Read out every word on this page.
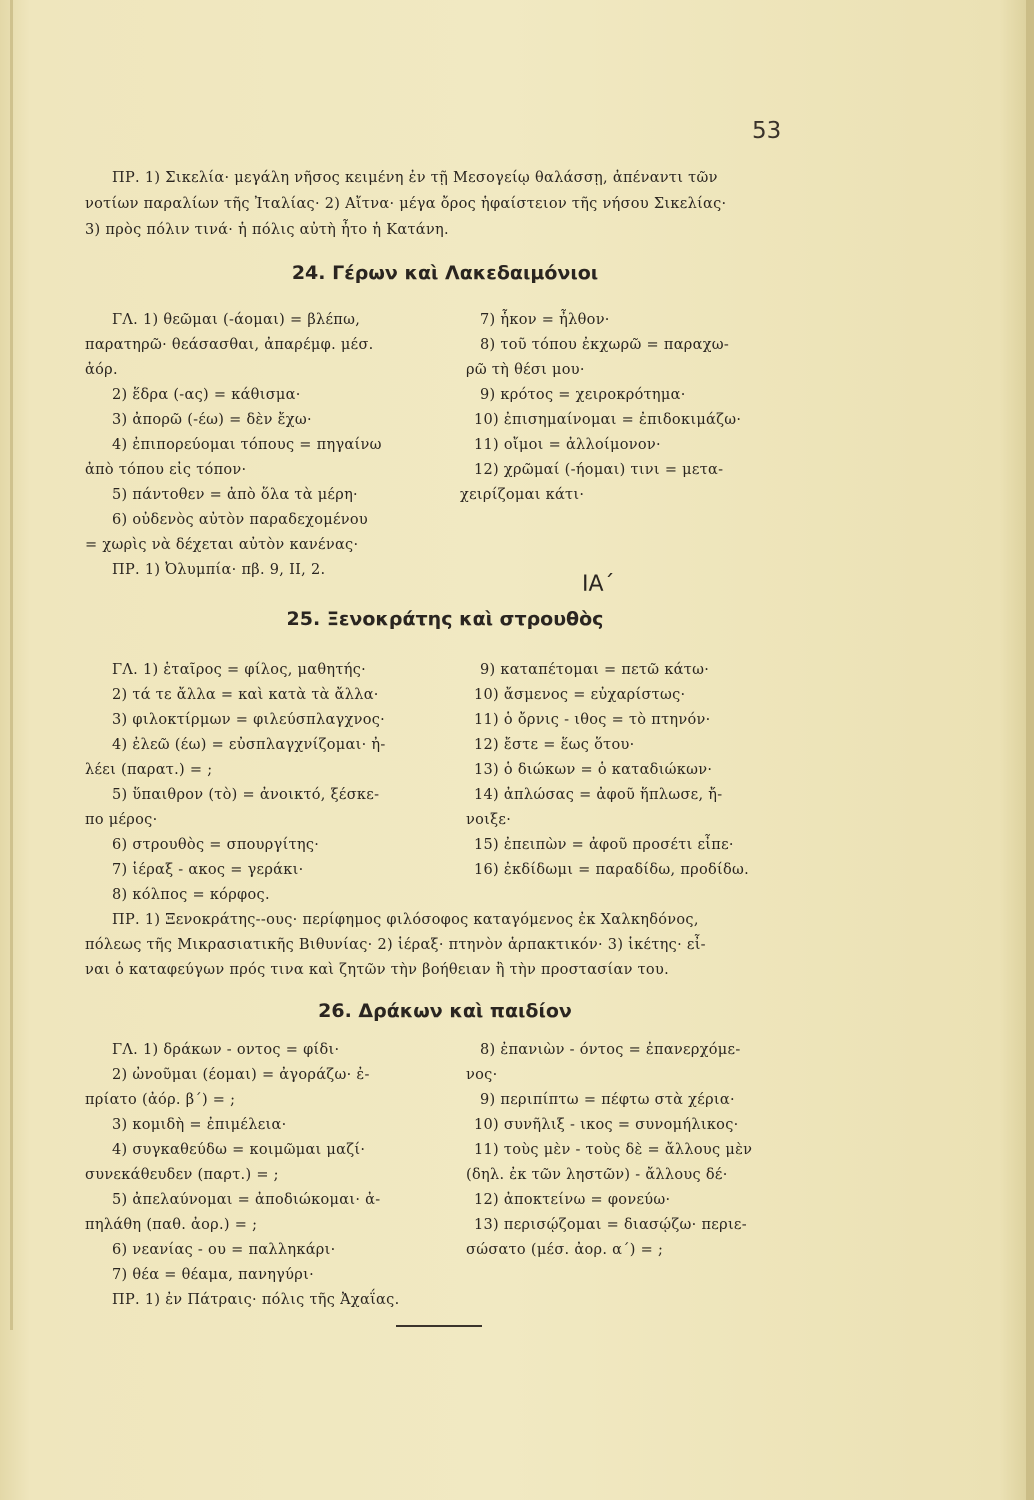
53
ΠΡ. 1) Σικελία· μεγάλη νῆσος κειμένη ἐν τῇ Μεσογείῳ θαλάσσῃ, ἀπέναντι τῶν
νοτίων παραλίων τῆς Ἰταλίας· 2) Αἴτνα· μέγα ὄρος ἡφαίστειον τῆς νήσου Σικελίας·
3) πρὸς πόλιν τινά· ἡ πόλις αὐτὴ ἦτο ἡ Κατάνη.
24. Γέρων καὶ Λακεδαιμόνιοι
ΓΛ. 1) θεῶμαι (-άομαι) = βλέπω,
παρατηρῶ· θεάσασθαι, ἀπαρέμφ. μέσ.
ἀόρ.
2) ἕδρα (-ας) = κάθισμα·
3) ἀπορῶ (-έω) = δὲν ἔχω·
4) ἐπιπορεύομαι τόπους = πηγαίνω
ἀπὸ τόπου εἰς τόπον·
5) πάντοθεν = ἀπὸ ὅλα τὰ μέρη·
6) οὐδενὸς αὐτὸν παραδεχομένου
= χωρὶς νὰ δέχεται αὐτὸν κανένας·
ΠΡ. 1) Ὀλυμπία· πβ. 9, ΙΙ, 2.
7) ἧκον = ἦλθον·
8) τοῦ τόπου ἐκχωρῶ = παραχω-
ρῶ τὴ θέσι μου·
9) κρότος = χειροκρότημα·
10) ἐπισημαίνομαι = ἐπιδοκιμάζω·
11) οἴμοι = ἀλλοίμονον·
12) χρῶμαί (-ήομαι) τινι = μετα-
χειρίζομαι κάτι·
ΙΑ´
25. Ξενοκράτης καὶ στρουθὸς
ΓΛ. 1) ἑταῖρος = φίλος, μαθητής·
2) τά τε ἄλλα = καὶ κατὰ τὰ ἄλλα·
3) φιλοκτίρμων = φιλεύσπλαγχνος·
4) ἐλεῶ (έω) = εὐσπλαγχνίζομαι· ἠ-
λέει (παρατ.) = ;
5) ὕπαιθρον (τὸ) = ἀνοικτό, ξέσκε-
πο μέρος·
6) στρουθὸς = σπουργίτης·
7) ἱέραξ - ακος = γεράκι·
8) κόλπος = κόρφος.
9) καταπέτομαι = πετῶ κάτω·
10) ἄσμενος = εὐχαρίστως·
11) ὁ ὄρνις - ιθος = τὸ πτηνόν·
12) ἔστε = ἕως ὅτου·
13) ὁ διώκων = ὁ καταδιώκων·
14) ἀπλώσας = ἀφοῦ ἥπλωσε, ἤ-
νοιξε·
15) ἐπειπὼν = ἀφοῦ προσέτι εἶπε·
16) ἐκδίδωμι = παραδίδω, προδίδω.
ΠΡ. 1) Ξενοκράτης--ους· περίφημος φιλόσοφος καταγόμενος ἐκ Χαλκηδόνος,
πόλεως τῆς Μικρασιατικῆς Βιθυνίας· 2) ἱέραξ· πτηνὸν ἁρπακτικόν· 3) ἱκέτης· εἶ-
ναι ὁ καταφεύγων πρός τινα καὶ ζητῶν τὴν βοήθειαν ἢ τὴν προστασίαν του.
26. Δράκων καὶ παιδίον
ΓΛ. 1) δράκων - οντος = φίδι·
2) ὠνοῦμαι (έομαι) = ἀγοράζω· ἐ-
πρίατο (ἀόρ. β΄) = ;
3) κομιδὴ = ἐπιμέλεια·
4) συγκαθεύδω = κοιμῶμαι μαζί·
συνεκάθευδεν (παρτ.) = ;
5) ἀπελαύνομαι = ἀποδιώκομαι· ἀ-
πηλάθη (παθ. ἀορ.) = ;
6) νεανίας - ου = παλληκάρι·
7) θέα = θέαμα, πανηγύρι·
ΠΡ. 1) ἐν Πάτραις· πόλις τῆς Ἀχαΐας.
8) ἐπανιὼν - όντος = ἐπανερχόμε-
νος·
9) περιπίπτω = πέφτω στὰ χέρια·
10) συνῆλιξ - ικος = συνομήλικος·
11) τοὺς μὲν - τοὺς δὲ = ἄλλους μὲν
(δηλ. ἐκ τῶν ληστῶν) - ἄλλους δέ·
12) ἀποκτείνω = φονεύω·
13) περισῴζομαι = διασῴζω· περιε-
σώσατο (μέσ. ἀορ. α΄) = ;
